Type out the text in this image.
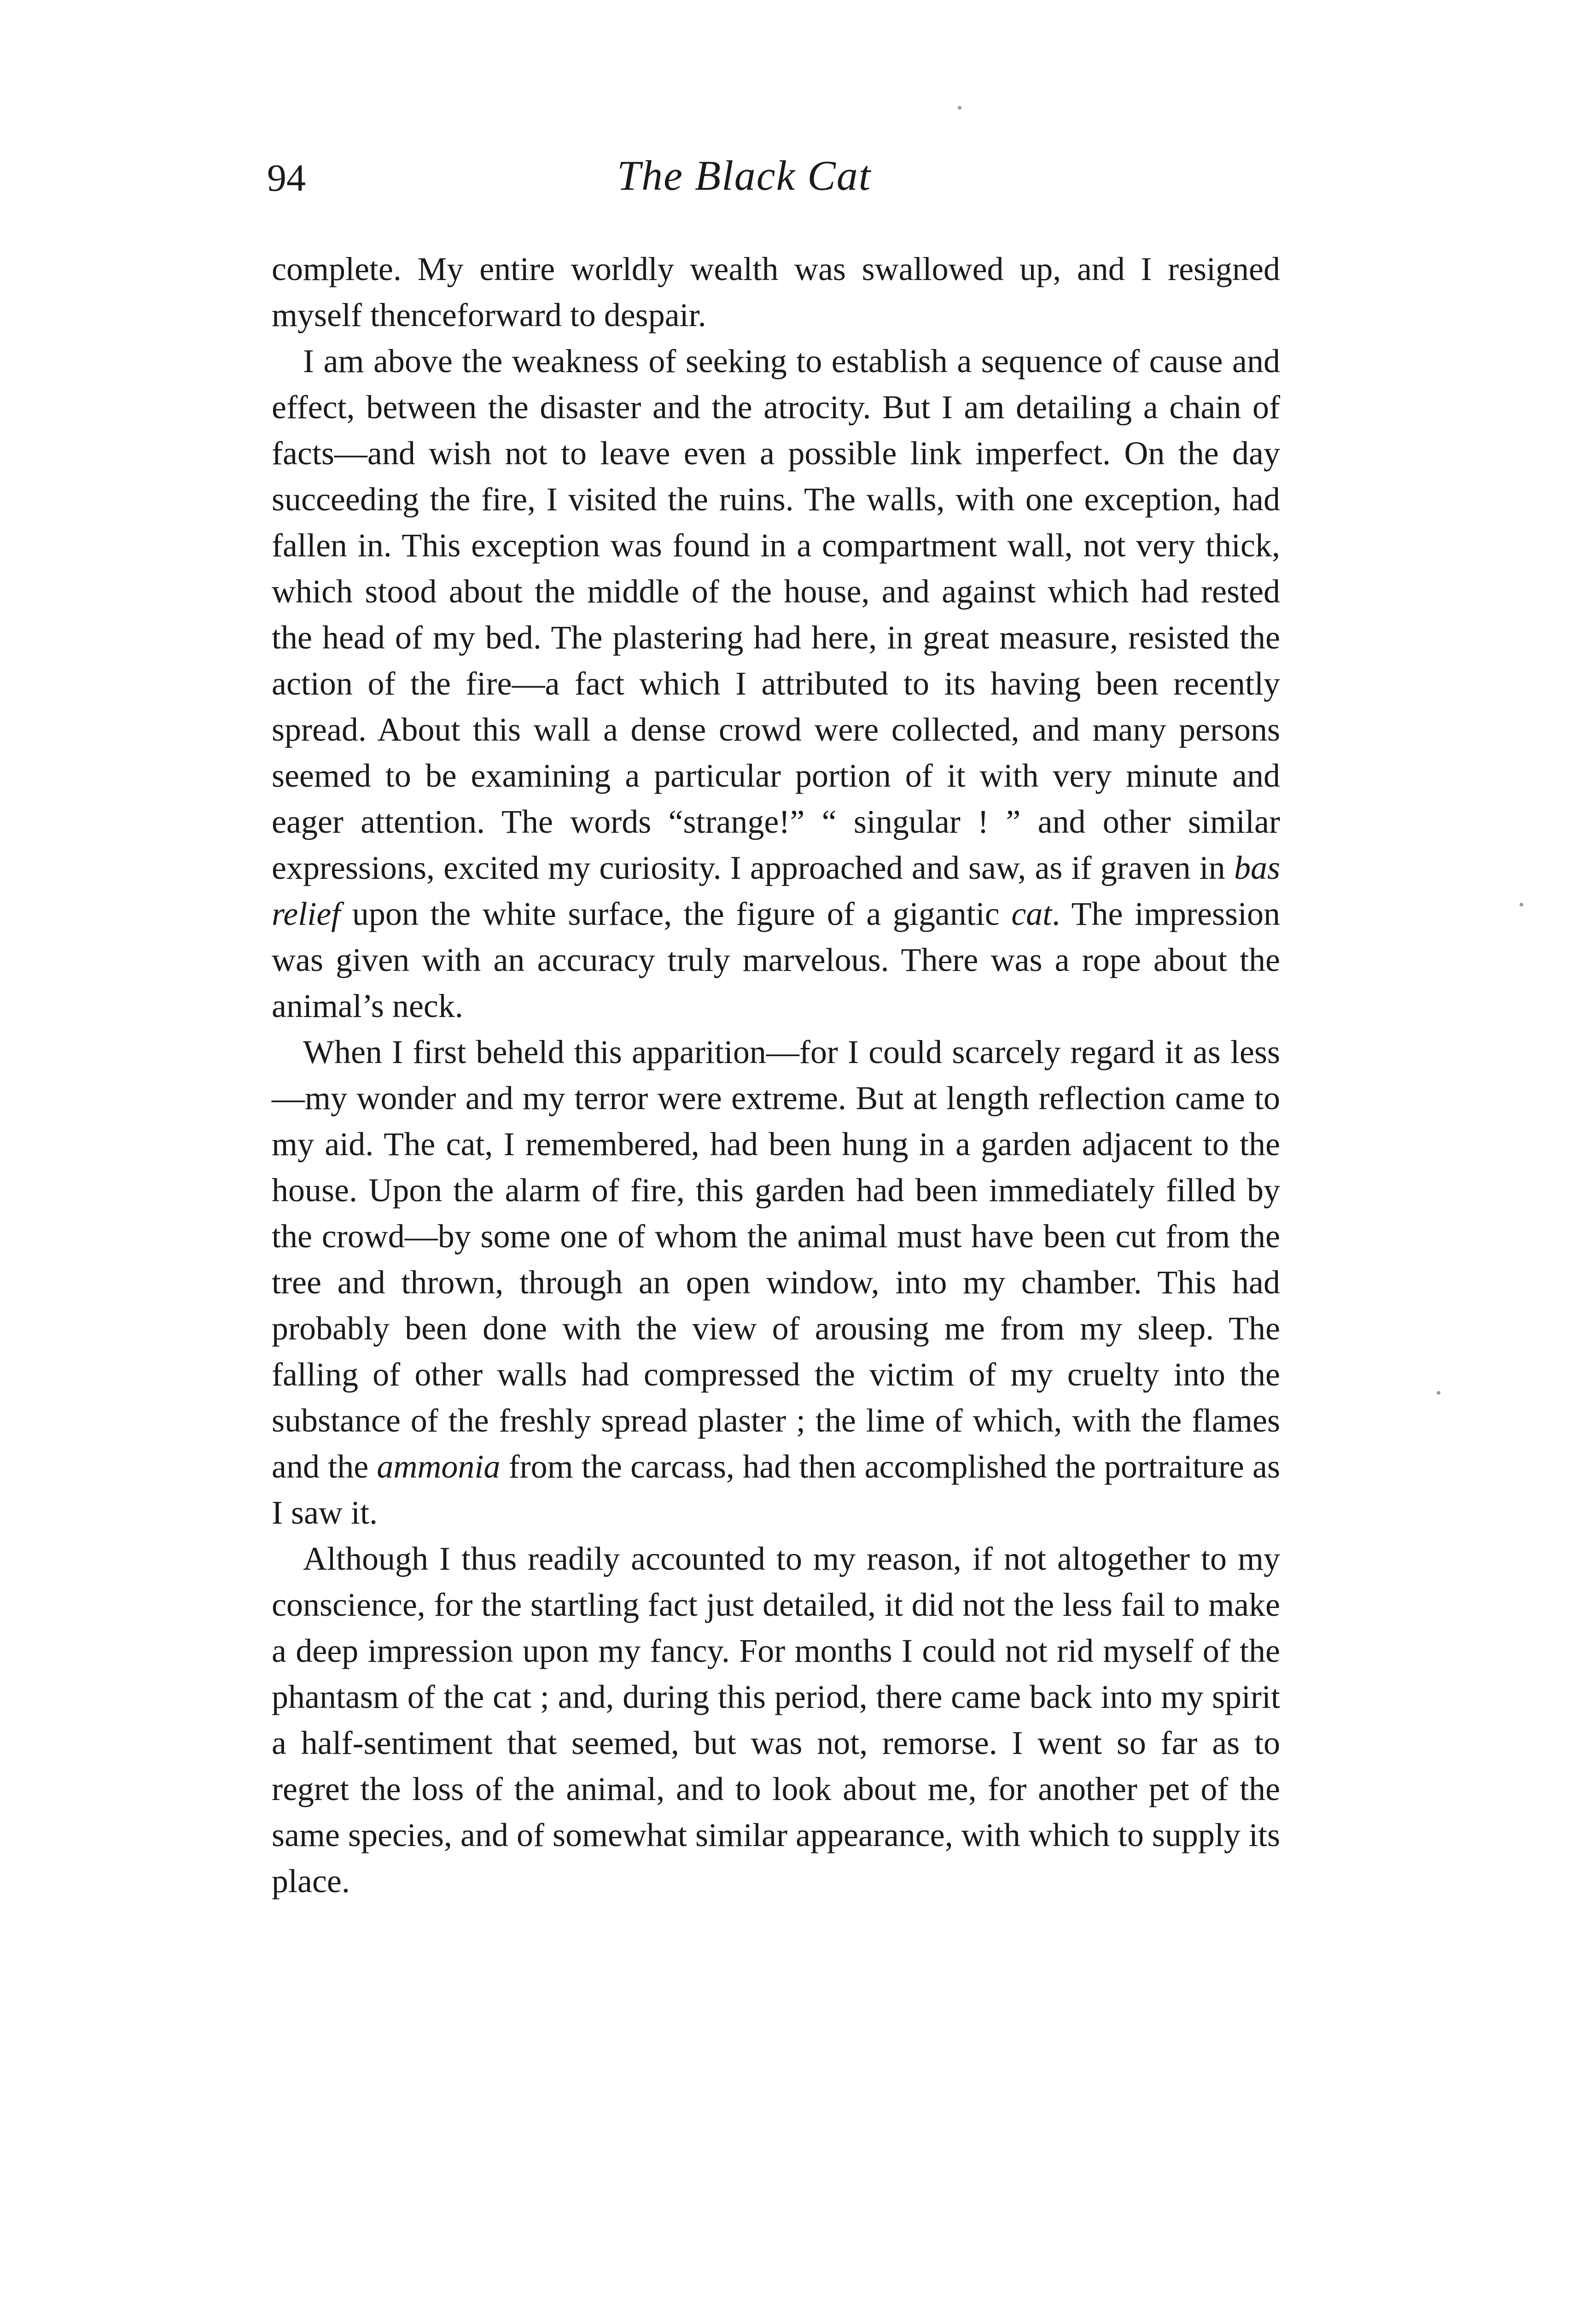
94	The Black Cat

complete. My entire worldly wealth was swallowed up, and I resigned myself thenceforward to despair.

I am above the weakness of seeking to establish a sequence of cause and effect, between the disaster and the atrocity. But I am detailing a chain of facts—and wish not to leave even a possible link imperfect. On the day succeeding the fire, I visited the ruins. The walls, with one exception, had fallen in. This exception was found in a compartment wall, not very thick, which stood about the middle of the house, and against which had rested the head of my bed. The plastering had here, in great measure, resisted the action of the fire—a fact which I attributed to its having been recently spread. About this wall a dense crowd were collected, and many persons seemed to be examining a particular portion of it with very minute and eager attention. The words “strange!” “ singular ! ” and other similar expressions, excited my curiosity. I approached and saw, as if graven in bas relief upon the white surface, the figure of a gigantic cat. The impression was given with an accuracy truly marvelous. There was a rope about the animal’s neck.

When I first beheld this apparition—for I could scarcely regard it as less—my wonder and my terror were extreme. But at length reflection came to my aid. The cat, I remembered, had been hung in a garden adjacent to the house. Upon the alarm of fire, this garden had been immediately filled by the crowd—by some one of whom the animal must have been cut from the tree and thrown, through an open window, into my chamber. This had probably been done with the view of arousing me from my sleep. The falling of other walls had compressed the victim of my cruelty into the substance of the freshly spread plaster ; the lime of which, with the flames and the ammonia from the carcass, had then accomplished the portraiture as I saw it.

Although I thus readily accounted to my reason, if not altogether to my conscience, for the startling fact just detailed, it did not the less fail to make a deep impression upon my fancy. For months I could not rid myself of the phantasm of the cat ; and, during this period, there came back into my spirit a half-sentiment that seemed, but was not, remorse. I went so far as to regret the loss of the animal, and to look about me, for another pet of the same species, and of somewhat similar appearance, with which to supply its place.
